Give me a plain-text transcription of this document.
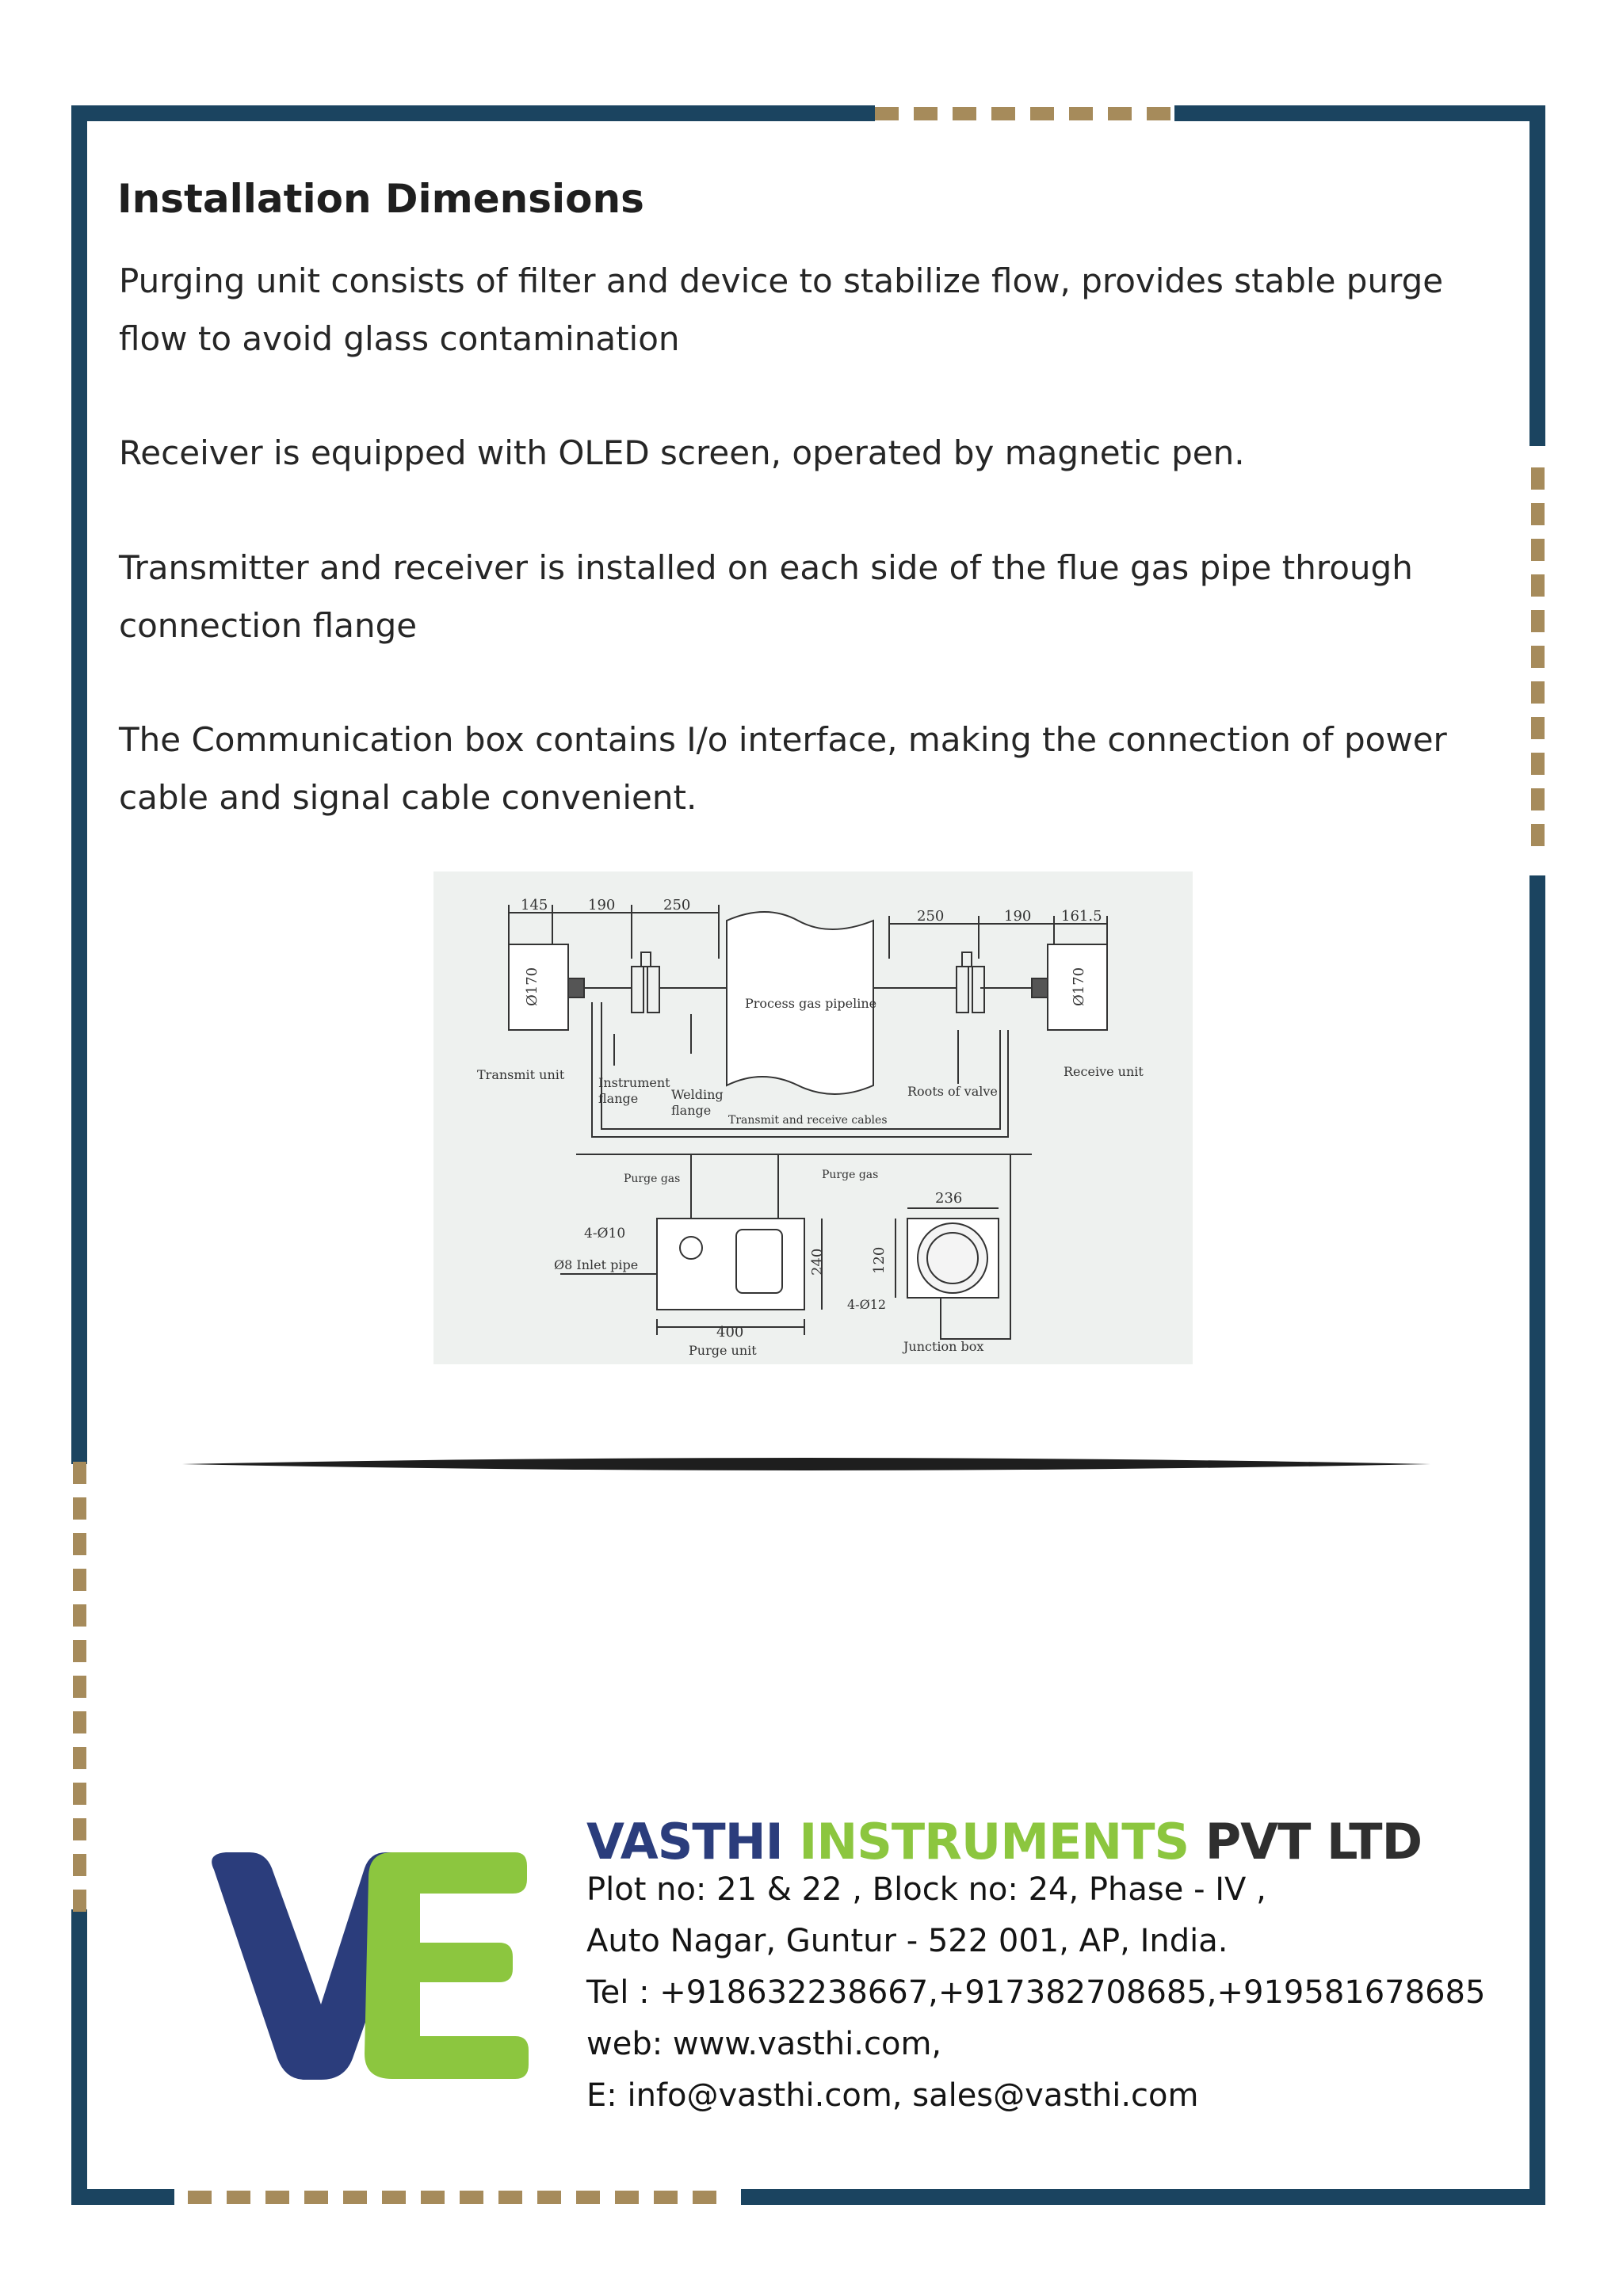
Installation Dimensions

Purging unit consists of filter and device to stabilize flow, provides stable purge flow to avoid glass contamination

Receiver is equipped with OLED screen, operated by magnetic pen.

Transmitter and receiver is installed on each side of the flue gas pipe through connection flange

The Communication box contains I/o interface, making the connection of power cable and signal cable convenient.

145	190	250
250	190 161.5
Ø170	Ø170
Transmit unit	Receive unit
Process gas pipeline
Instrument
flange	Welding
flange
Transmit and receive cables
Roots of valve
Purge gas	Purge gas
4-Ø10
Ø8 Inlet pipe	240
400
Purge unit
236
120
4-Ø12
Junction box
VASTHI INSTRUMENTS PVT LTD

Plot no: 21 & 22 , Block no: 24, Phase - IV ,

Auto Nagar, Guntur - 522 001, AP, India.

Tel : +918632238667,+917382708685,+919581678685

web: www.vasthi.com,

E: info@vasthi.com, sales@vasthi.com
